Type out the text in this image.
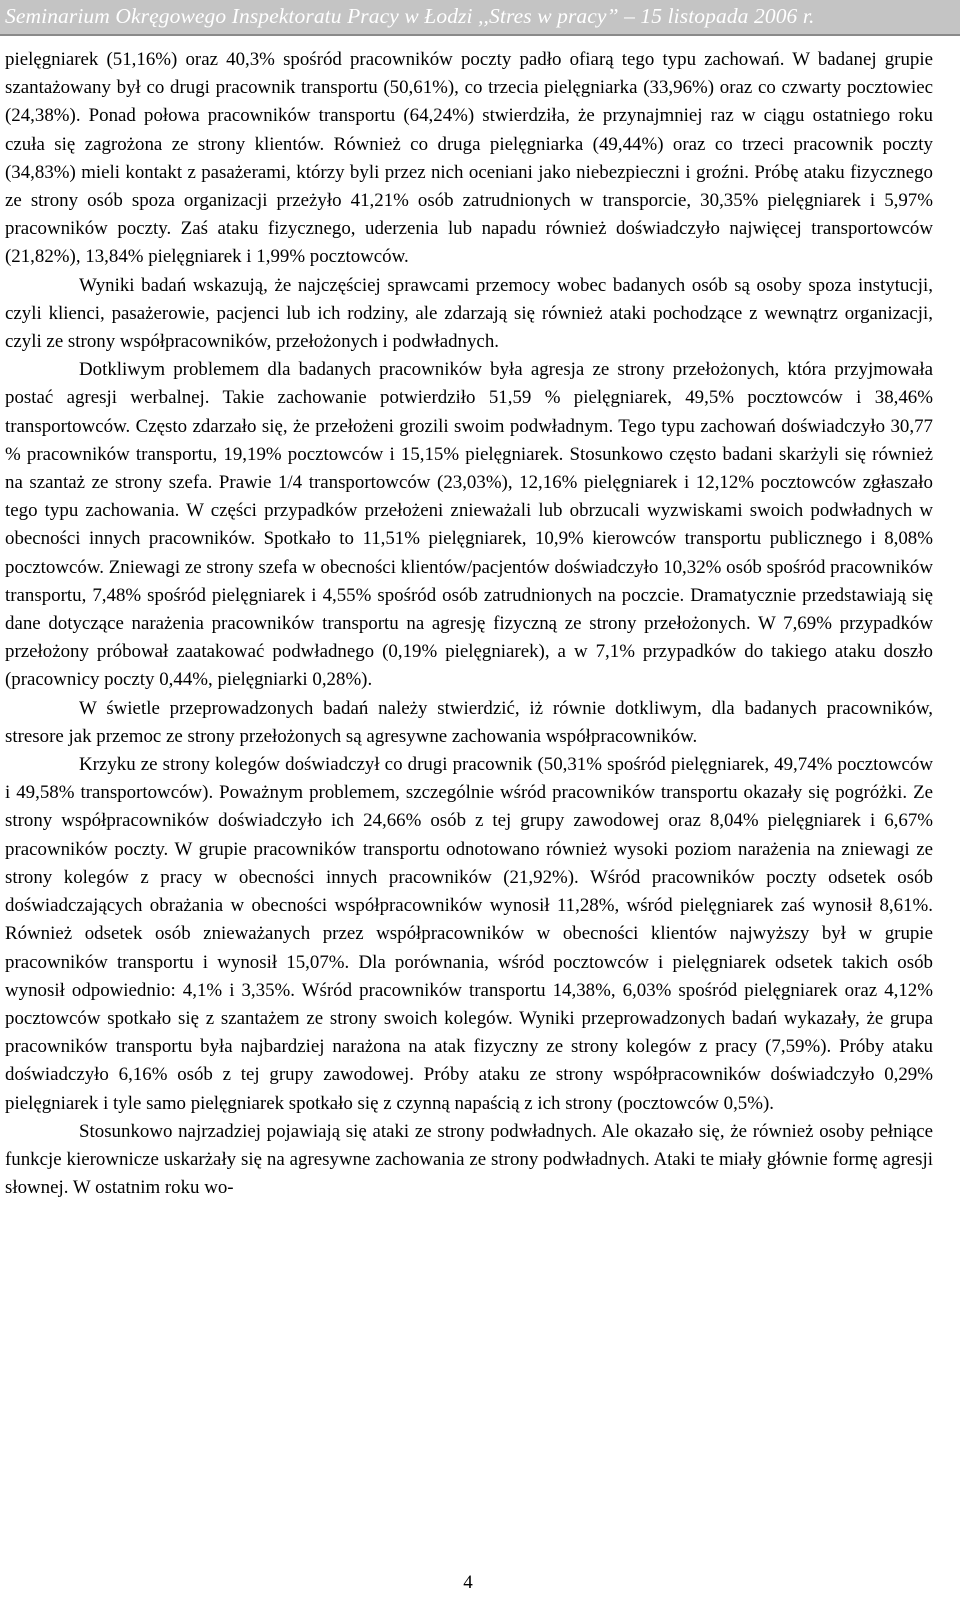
Seminarium Okręgowego Inspektoratu Pracy w Łodzi ,,Stres w pracy” – 15 listopada 2006 r.

pielęgniarek (51,16%) oraz 40,3% spośród pracowników poczty padło ofiarą tego typu zachowań. W badanej grupie szantażowany był co drugi pracownik transportu (50,61%), co trzecia pielęgniarka (33,96%) oraz co czwarty pocztowiec (24,38%). Ponad połowa pracowników transportu (64,24%) stwierdziła, że przynajmniej raz w ciągu ostatniego roku czuła się zagrożona ze strony klientów. Również co druga pielęgniarka (49,44%) oraz co trzeci pracownik poczty (34,83%) mieli kontakt z pasażerami, którzy byli przez nich oceniani jako niebezpieczni i groźni. Próbę ataku fizycznego ze strony osób spoza organizacji przeżyło 41,21% osób zatrudnionych w transporcie, 30,35% pielęgniarek i 5,97% pracowników poczty. Zaś ataku fizycznego, uderzenia lub napadu również doświadczyło najwięcej transportowców (21,82%), 13,84% pielęgniarek i 1,99% pocztowców.

Wyniki badań wskazują, że najczęściej sprawcami przemocy wobec badanych osób są osoby spoza instytucji, czyli klienci, pasażerowie, pacjenci lub ich rodziny, ale zdarzają się również ataki pochodzące z wewnątrz organizacji, czyli ze strony współpracowników, przełożonych i podwładnych.

Dotkliwym problemem dla badanych pracowników była agresja ze strony przełożonych, która przyjmowała postać agresji werbalnej. Takie zachowanie potwierdziło 51,59 % pielęgniarek, 49,5% pocztowców i 38,46% transportowców. Często zdarzało się, że przełożeni grozili swoim podwładnym. Tego typu zachowań doświadczyło 30,77 % pracowników transportu, 19,19% pocztowców i 15,15% pielęgniarek. Stosunkowo często badani skarżyli się również na szantaż ze strony szefa. Prawie 1/4 transportowców (23,03%), 12,16% pielęgniarek i 12,12% pocztowców zgłaszało tego typu zachowania. W części przypadków przełożeni znieważali lub obrzucali wyzwiskami swoich podwładnych w obecności innych pracowników. Spotkało to 11,51% pielęgniarek, 10,9% kierowców transportu publicznego i 8,08% pocztowców. Zniewagi ze strony szefa w obecności klientów/pacjentów doświadczyło 10,32% osób spośród pracowników transportu, 7,48% spośród pielęgniarek i 4,55% spośród osób zatrudnionych na poczcie. Dramatycznie przedstawiają się dane dotyczące narażenia pracowników transportu na agresję fizyczną ze strony przełożonych. W 7,69% przypadków przełożony próbował zaatakować podwładnego (0,19% pielęgniarek), a w 7,1% przypadków do takiego ataku doszło (pracownicy poczty 0,44%, pielęgniarki 0,28%).

W świetle przeprowadzonych badań należy stwierdzić, iż równie dotkliwym, dla badanych pracowników, stresore jak przemoc ze strony przełożonych są agresywne zachowania współpracowników.

Krzyku ze strony kolegów doświadczył co drugi pracownik (50,31% spośród pielęgniarek, 49,74% pocztowców i 49,58% transportowców). Poważnym problemem, szczególnie wśród pracowników transportu okazały się pogróżki. Ze strony współpracowników doświadczyło ich 24,66% osób z tej grupy zawodowej oraz 8,04% pielęgniarek i 6,67% pracowników poczty. W grupie pracowników transportu odnotowano również wysoki poziom narażenia na zniewagi ze strony kolegów z pracy w obecności innych pracowników (21,92%). Wśród pracowników poczty odsetek osób doświadczających obrażania w obecności współpracowników wynosił 11,28%, wśród pielęgniarek zaś wynosił 8,61%. Również odsetek osób znieważanych przez współpracowników w obecności klientów najwyższy był w grupie pracowników transportu i wynosił 15,07%. Dla porównania, wśród pocztowców i pielęgniarek odsetek takich osób wynosił odpowiednio: 4,1% i 3,35%. Wśród pracowników transportu 14,38%, 6,03% spośród pielęgniarek oraz 4,12% pocztowców spotkało się z szantażem ze strony swoich kolegów. Wyniki przeprowadzonych badań wykazały, że grupa pracowników transportu była najbardziej narażona na atak fizyczny ze strony kolegów z pracy (7,59%). Próby ataku doświadczyło 6,16% osób z tej grupy zawodowej. Próby ataku ze strony współpracowników doświadczyło 0,29% pielęgniarek i tyle samo pielęgniarek spotkało się z czynną napaścią z ich strony (pocztowców 0,5%).

Stosunkowo najrzadziej pojawiają się ataki ze strony podwładnych. Ale okazało się, że również osoby pełniące funkcje kierownicze uskarżały się na agresywne zachowania ze strony podwładnych. Ataki te miały głównie formę agresji słownej. W ostatnim roku wo-

4
